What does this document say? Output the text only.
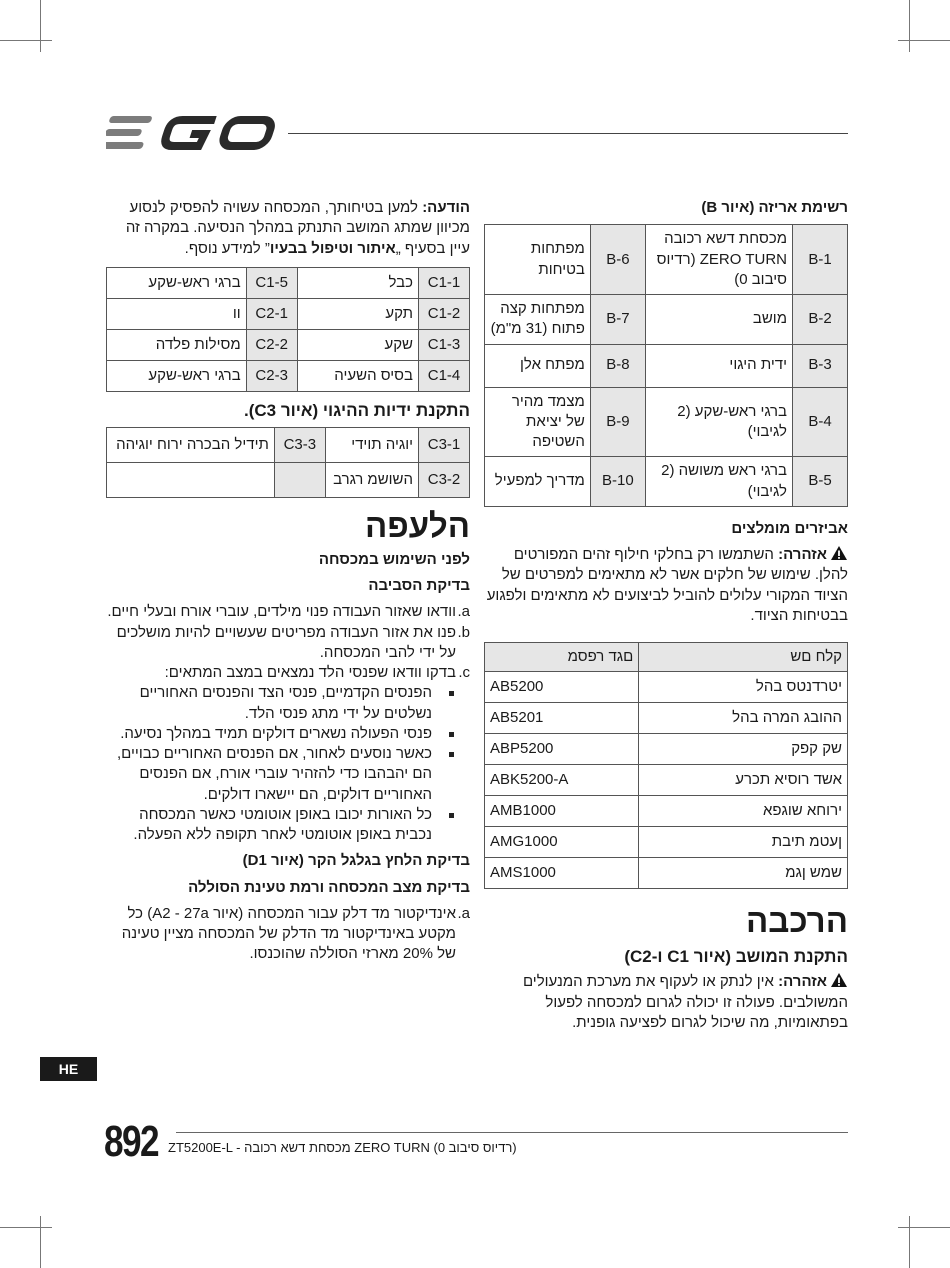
רשימת אריזה (איור B)

1-B	מכסחת דשא רכובה ZERO TURN (רדיוס סיבוב 0)	B-6	מפתחות בטיחות
2-B	מושב	B-7	מפתחות קצה פתוח (31 מ"מ)
3-B	ידית היגוי	B-8	מפתח אלן
4-B	ברגי ראש-שקע (2 לגיבוי)	B-9	מצמד מהיר של יציאת השטיפה
5-B	ברגי ראש משושה (2 לגיבוי)	B-10	מדריך למפעיל

אביזרים מומלצים

אזהרה: השתמשו רק בחלקי חילוף זהים המפורטים להלן. שימוש של חלקים אשר לא מתאימים למפרטים של הציוד המקורי עלולים להוביל לביצועים לא מתאימים ולפגוע בבטיחות הציוד.

קלח םש	םגד רפסמ
יטרדנטס בהל	AB5200
ההובג המרה בהל	AB5201
שק קפק	ABP5200
אשד רוסיא תכרע	ABK5200-A
ירוחא שוגפא	AMB1000
ןעטמ תיבת	AMG1000
שמש ןגמ	AMS1000

הרכבה

התקנת המושב (איור C1 ו-C2)

אזהרה: אין לנתק או לעקוף את מערכת המנעולים המשולבים. פעולה זו יכולה לגרום למכסחה לפעול בפתאומיות, מה שיכול לגרום לפציעה גופנית.

הודעה: למען בטיחותך, המכסחה עשויה להפסיק לנסוע מכיוון שמתג המושב התנתק במהלך הנסיעה. במקרה זה עיין בסעיף „איתור וטיפול בבעיו” למידע נוסף.

C1-1	כבל	C1-5	ברגי ראש-שקע
C1-2	תקע	C2-1	וו
C1-3	שקע	C2-2	מסילות פלדה
C1-4	בסיס השעיה	C2-3	ברגי ראש-שקע

התקנת ידיות ההיגוי (איור C3).

C3-1	יוגיה תוידי	C3-3	תידיל הבכרה ירוח יוגיהה
C3-2	השושמ רגרב		

הלעפה

לפני השימוש במכסחה

בדיקת הסביבה

a.
וודאו שאזור העבודה פנוי מילדים, עוברי אורח ובעלי חיים.
b.
פנו את אזור העבודה מפריטים שעשויים להיות מושלכים על ידי להבי המכסחה.
c.
בדקו וודאו שפנסי הלד נמצאים במצב המתאים:
הפנסים הקדמיים, פנסי הצד והפנסים האחוריים נשלטים על ידי מתג פנסי הלד.
פנסי הפעולה נשארים דולקים תמיד במהלך נסיעה.
כאשר נוסעים לאחור, אם הפנסים האחוריים כבויים, הם יהבהבו כדי להזהיר עוברי אורח, אם הפנסים האחוריים דולקים, הם יישארו דולקים.
כל האורות יכובו באופן אוטומטי כאשר המכסחה נכבית באופן אוטומטי לאחר תקופה ללא הפעלה.

בדיקת הלחץ בגלגל הקר (איור D1)

בדיקת מצב המכסחה ורמת טעינת הסוללה

a.
אינדיקטור מד דלק עבור המכסחה (איור A2 - 27a) כל מקטע באינדיקטור מד הדלק של המכסחה מציין טעינה של 20% מארזי הסוללה שהוכנסו.
HE
892 ZT5200E-L - מכסחת דשא רכובה ZERO TURN (רדיוס סיבוב 0)
